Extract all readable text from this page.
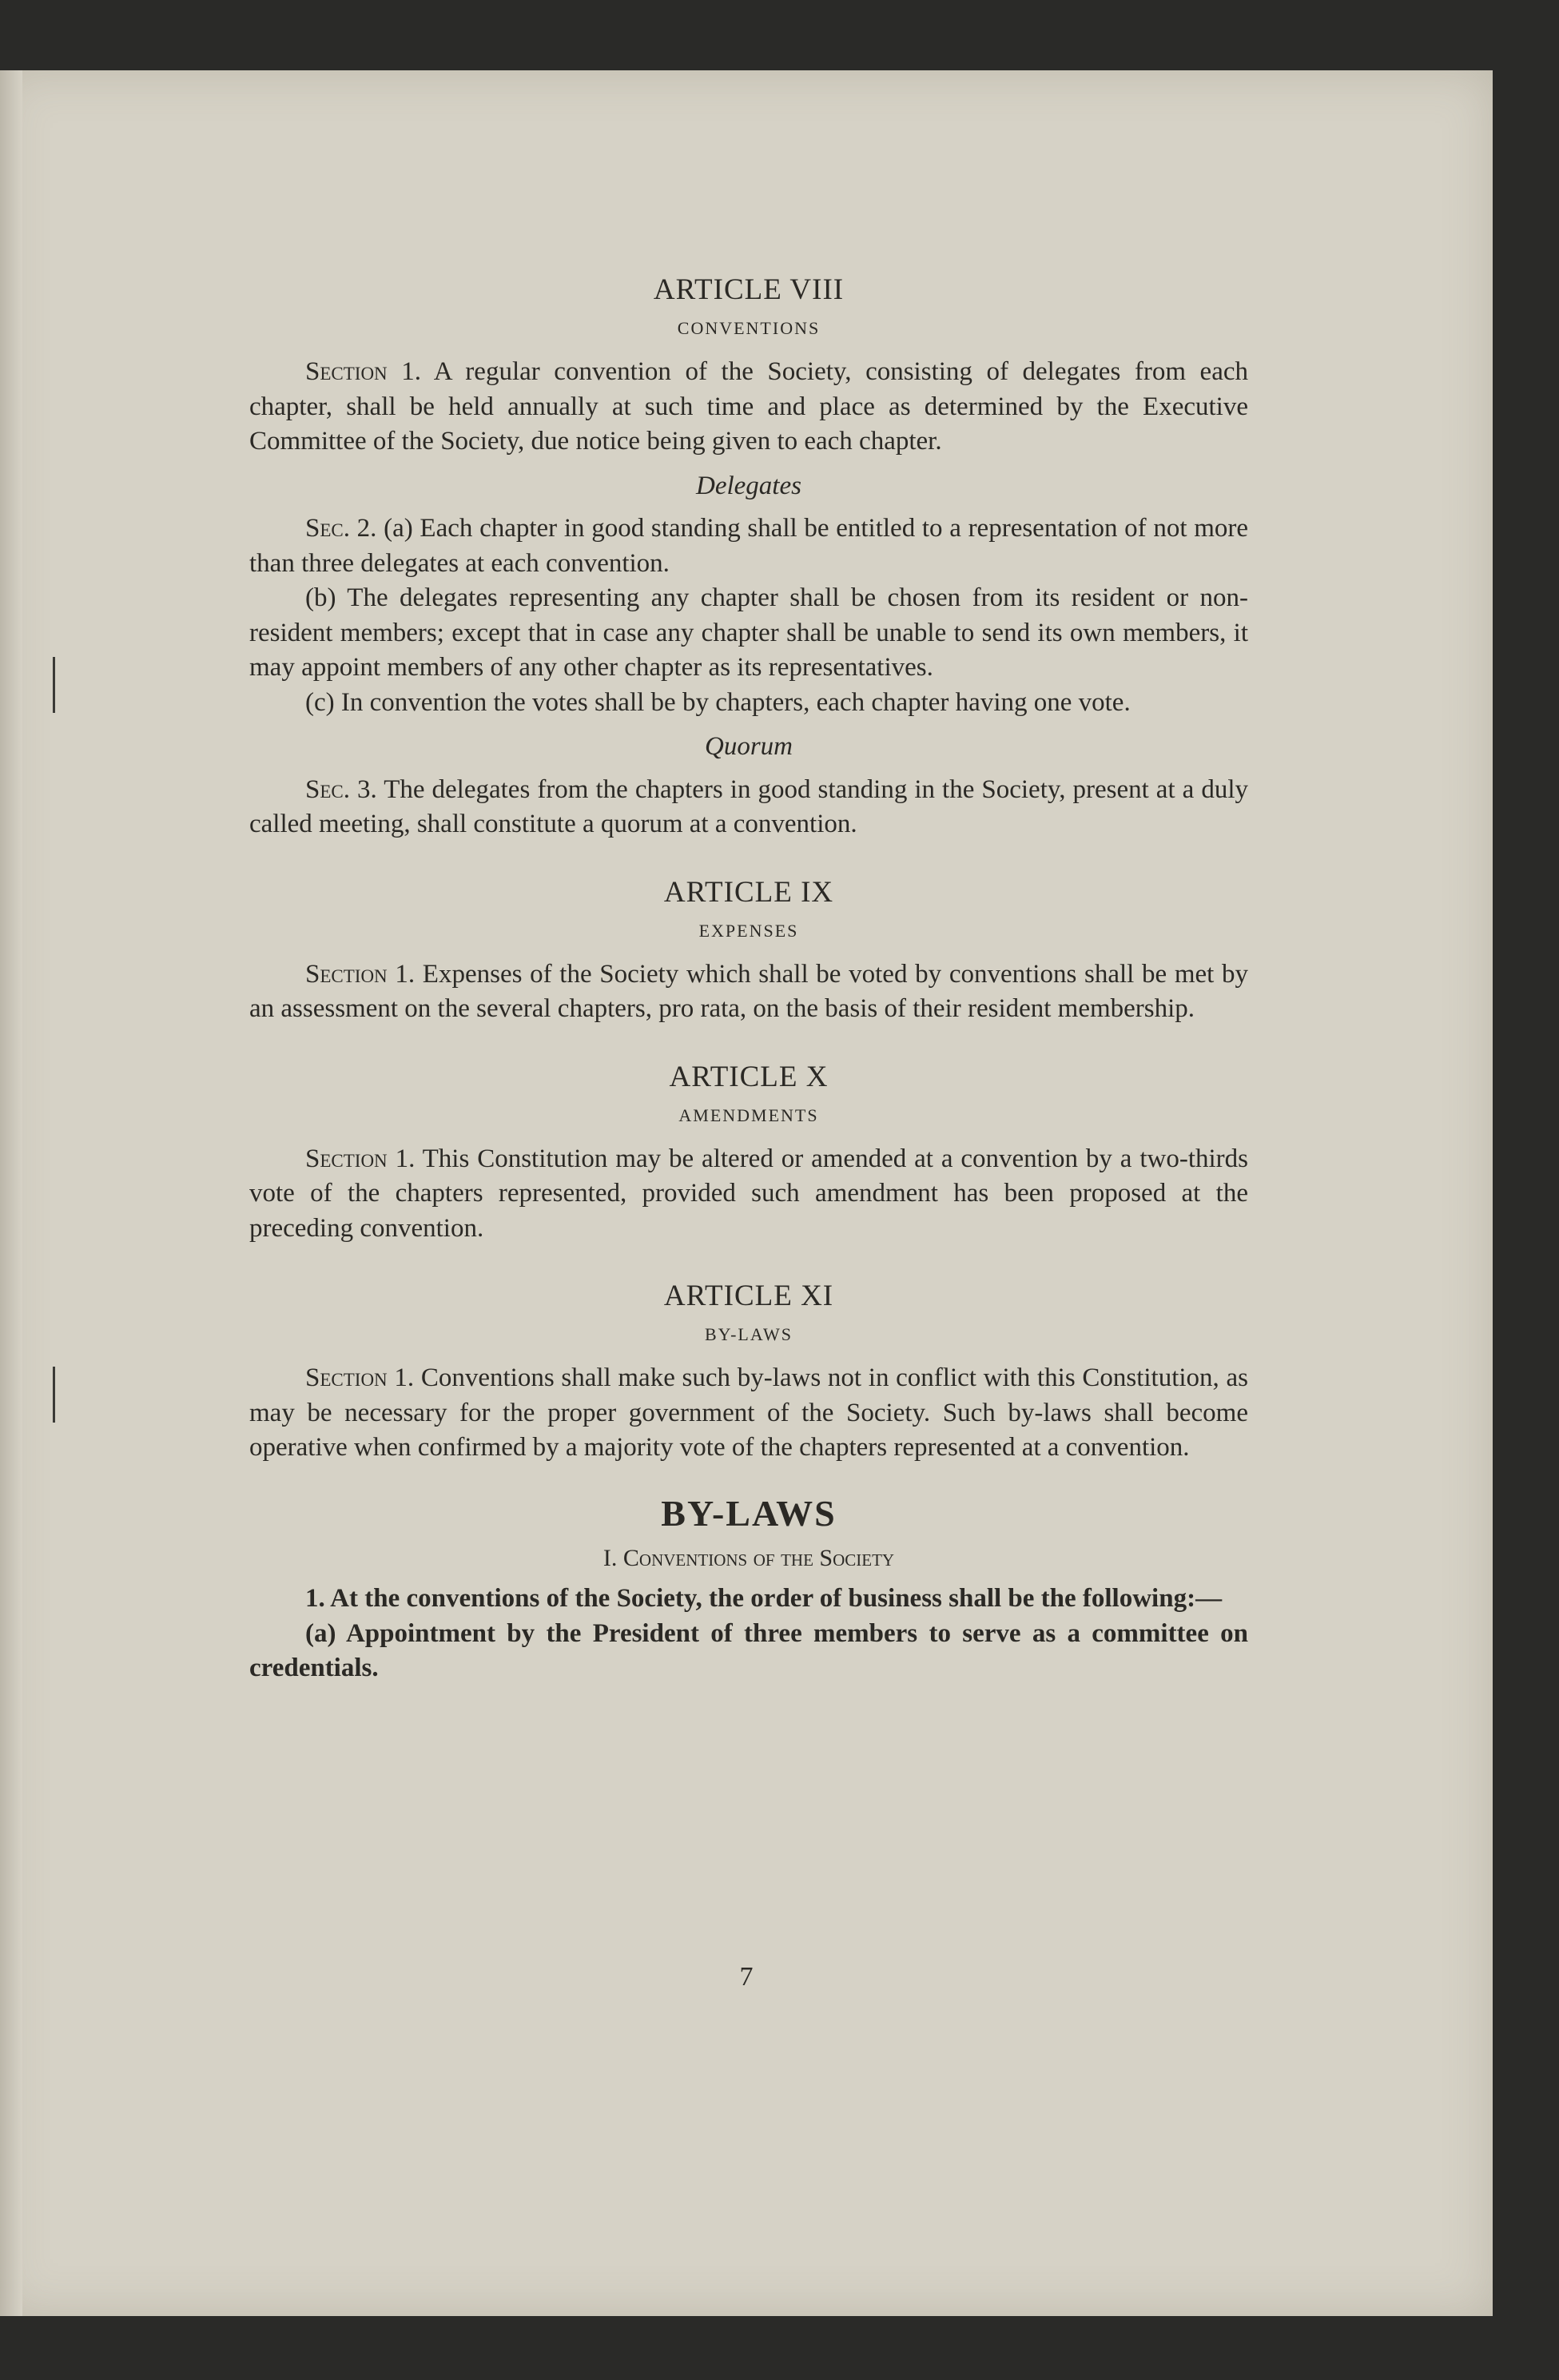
ARTICLE VIII
CONVENTIONS

Section 1. A regular convention of the Society, consisting of delegates from each chapter, shall be held annually at such time and place as determined by the Executive Committee of the Society, due notice being given to each chapter.

Delegates

Sec. 2. (a) Each chapter in good standing shall be entitled to a representation of not more than three delegates at each convention.

(b) The delegates representing any chapter shall be chosen from its resident or non-resident members; except that in case any chapter shall be unable to send its own members, it may appoint members of any other chapter as its representatives.

(c) In convention the votes shall be by chapters, each chapter having one vote.

Quorum

Sec. 3. The delegates from the chapters in good standing in the Society, present at a duly called meeting, shall constitute a quorum at a convention.

ARTICLE IX
EXPENSES

Section 1. Expenses of the Society which shall be voted by conventions shall be met by an assessment on the several chapters, pro rata, on the basis of their resident membership.

ARTICLE X
AMENDMENTS

Section 1. This Constitution may be altered or amended at a convention by a two-thirds vote of the chapters represented, provided such amendment has been proposed at the preceding convention.

ARTICLE XI
BY-LAWS

Section 1. Conventions shall make such by-laws not in conflict with this Constitution, as may be necessary for the proper government of the Society. Such by-laws shall become operative when confirmed by a majority vote of the chapters represented at a convention.

BY-LAWS
I. Conventions of the Society

1. At the conventions of the Society, the order of business shall be the following:—

(a) Appointment by the President of three members to serve as a committee on credentials.

7
